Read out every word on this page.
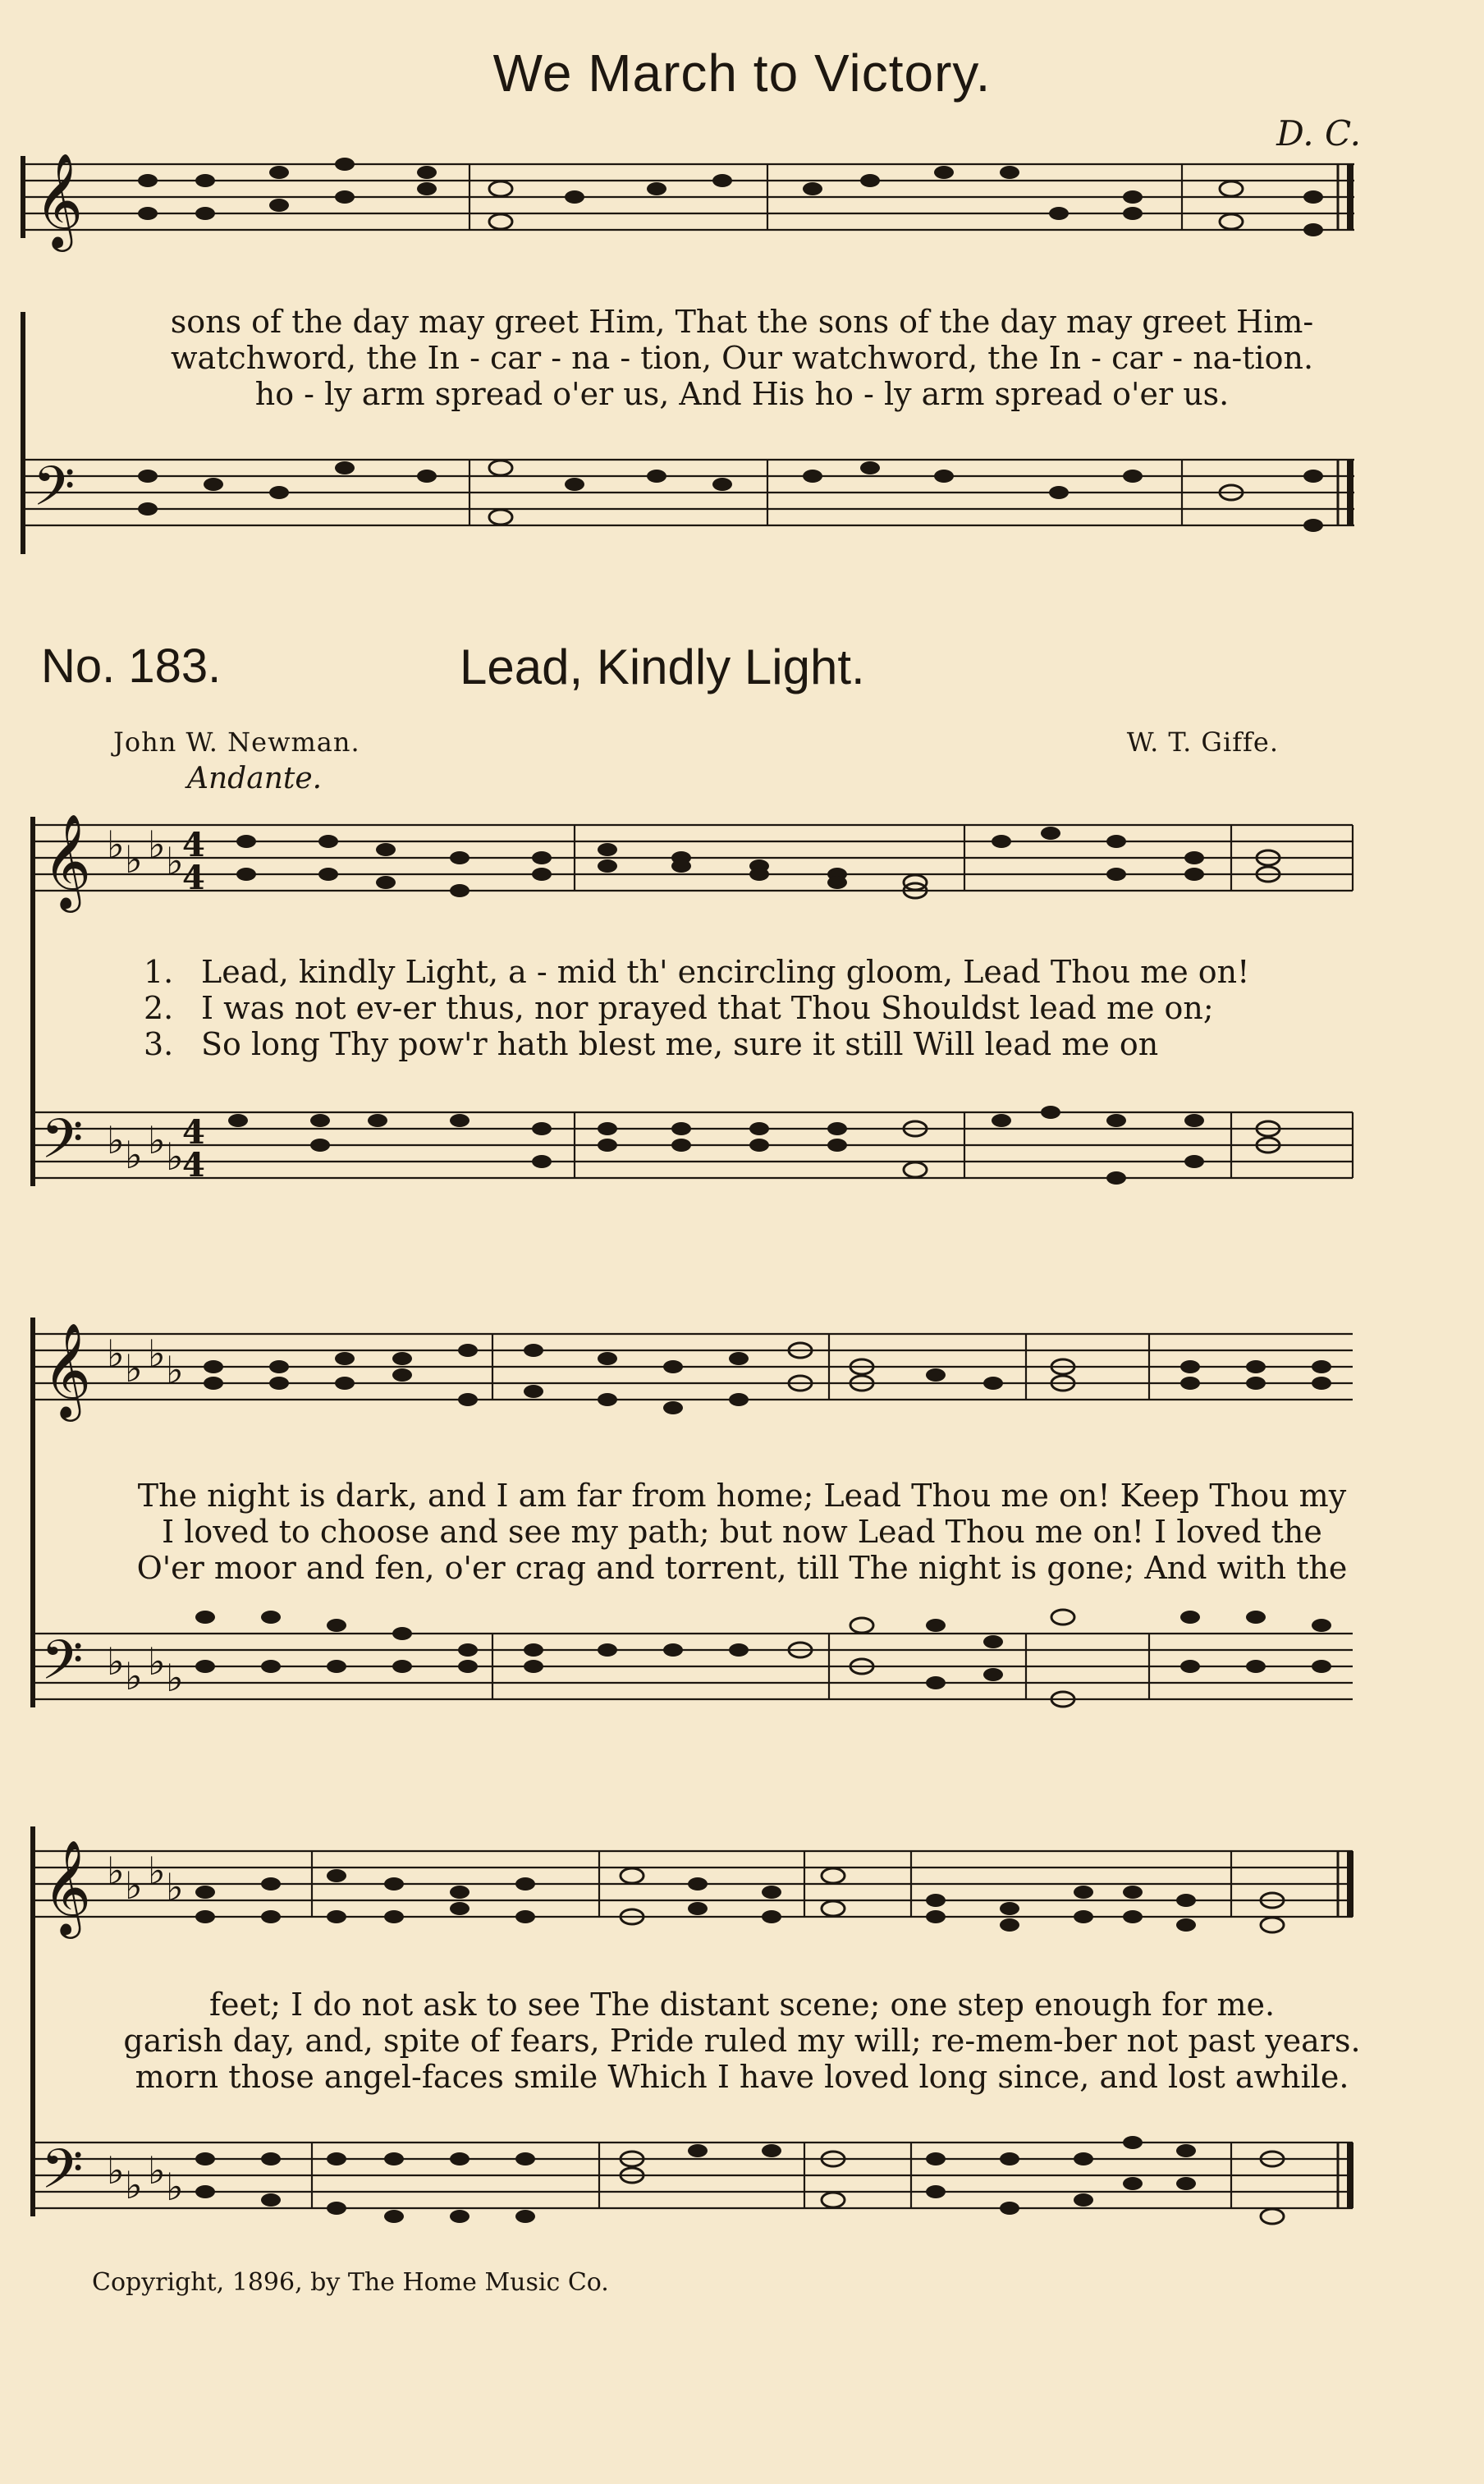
We March to Victory.
D. C.
𝄞
sons of the day may greet Him, That the sons of the day may greet Him-
watchword, the In - car - na - tion, Our watchword, the In - car - na-tion.
ho - ly arm spread o'er us, And His ho - ly arm spread o'er us.
𝄢
No. 183.	Lead, Kindly Light.
John W. Newman.	W. T. Giffe.
Andante.
𝄞 ♭ ♭ ♭ ♭
4
4
1. Lead, kindly Light, a - mid th' encircling gloom, Lead Thou me on!
2. I was not ev-er thus, nor prayed that Thou Shouldst lead me on;
3. So long Thy pow'r hath blest me, sure it still Will lead me on
𝄢 ♭ ♭ ♭ ♭
4
4
𝄞 ♭ ♭ ♭ ♭
The night is dark, and I am far from home; Lead Thou me on! Keep Thou my
I loved to choose and see my path; but now Lead Thou me on! I loved the
O'er moor and fen, o'er crag and torrent, till The night is gone; And with the
𝄢 ♭ ♭ ♭ ♭
𝄞 ♭ ♭ ♭ ♭
feet; I do not ask to see The distant scene; one step enough for me.
garish day, and, spite of fears, Pride ruled my will; re-mem-ber not past years.
morn those angel-faces smile Which I have loved long since, and lost awhile.
𝄢 ♭ ♭ ♭ ♭
Copyright, 1896, by The Home Music Co.
